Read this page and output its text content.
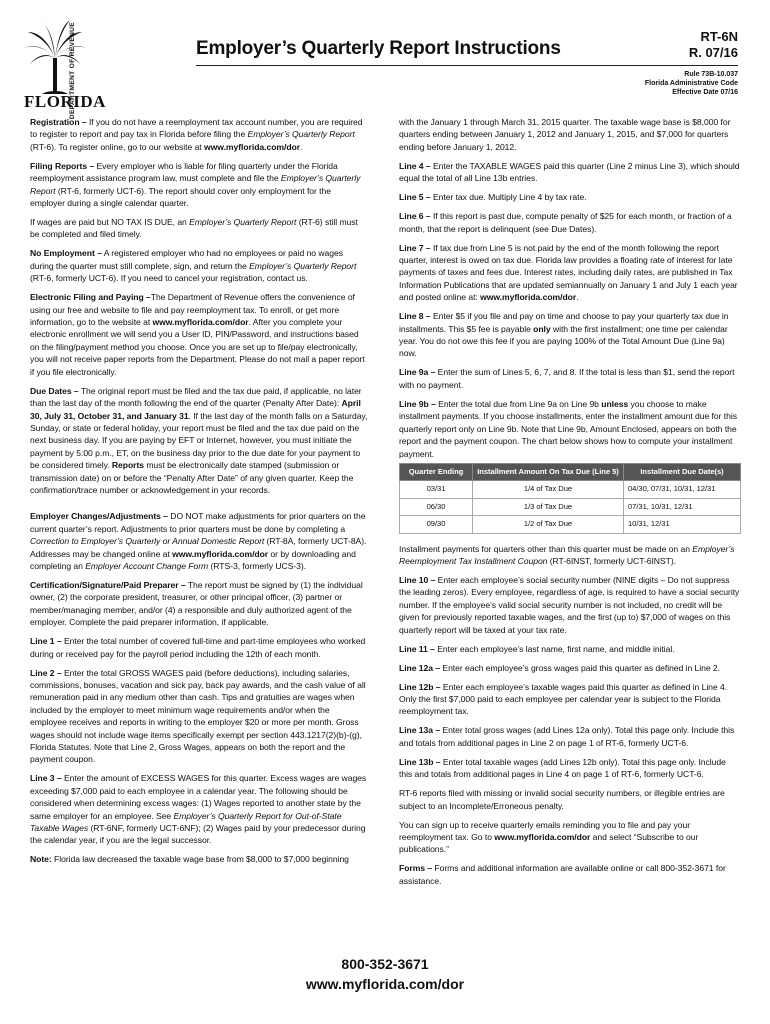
DEPARTMENT OF REVENUE
FLORIDA
Employer’s Quarterly Report Instructions
RT-6N
R. 07/16
Rule 73B-10.037
Florida Administrative Code
Effective Date 07/16

Registration – If you do not have a reemployment tax account number, you are required to register to report and pay tax in Florida before filing the Employer’s Quarterly Report (RT-6). To register online, go to our website at www.myflorida.com/dor.

Filing Reports – Every employer who is liable for filing quarterly under the Florida reemployment assistance program law, must complete and file the Employer’s Quarterly Report (RT-6, formerly UCT-6). The report should cover only employment for the employer during a single calendar quarter.

If wages are paid but NO TAX IS DUE, an Employer’s Quarterly Report (RT-6) still must be completed and filed timely.

No Employment – A registered employer who had no employees or paid no wages during the quarter must still complete, sign, and return the Employer’s Quarterly Report (RT-6, formerly UCT-6). If you need to cancel your registration, contact us.

Electronic Filing and Paying –The Department of Revenue offers the convenience of using our free and website to file and pay reemployment tax. To enroll, or get more information, go to the website at www.myflorida.com/dor. After you complete your electronic enrollment we will send you a User ID, PIN/Password, and instructions based on the filing/payment method you choose. Once you are set up to file/pay electronically, you will not receive paper reports from the Department. Please do not mail a paper report if you file electronically.

Due Dates – The original report must be filed and the tax due paid, if applicable, no later than the last day of the month following the end of the quarter (Penalty After Date): April 30, July 31, October 31, and January 31. If the last day of the month falls on a Saturday, Sunday, or state or federal holiday, your report must be filed and the tax due paid on the next business day. If you are paying by EFT or Internet, however, you must initiate the payment by 5:00 p.m., ET, on the business day prior to the due date for your payment to be considered timely. Reports must be electronically date stamped (submission or transmission date) on or before the “Penalty After Date” of any given quarter. Keep the confirmation/trace number or acknowledgement in your records.

Employer Changes/Adjustments – DO NOT make adjustments for prior quarters on the current quarter’s report. Adjustments to prior quarters must be done by completing a Correction to Employer’s Quarterly or Annual Domestic Report (RT-8A, formerly UCT-8A). Addresses may be changed online at www.myflorida.com/dor or by downloading and completing an Employer Account Change Form (RTS-3, formerly UCS-3).

Certification/Signature/Paid Preparer – The report must be signed by (1) the individual owner, (2) the corporate president, treasurer, or other principal officer, (3) partner or member/managing member, and/or (4) a responsible and duly authorized agent of the employer. Complete the paid preparer information, if applicable.

Line 1 – Enter the total number of covered full-time and part-time employees who worked during or received pay for the payroll period including the 12th of each month.

Line 2 – Enter the total GROSS WAGES paid (before deductions), including salaries, commissions, bonuses, vacation and sick pay, back pay awards, and the cash value of all remuneration paid in any medium other than cash. Tips and gratuities are wages when included by the employer to meet minimum wage requirements and/or when the employee receives and reports in writing to the employer $20 or more per month. Gross wages should not include wage items specifically exempt per section 443.1217(2)(b)-(g), Florida Statutes. Note that Line 2, Gross Wages, appears on both the report and the payment coupon.

Line 3 – Enter the amount of EXCESS WAGES for this quarter. Excess wages are wages exceeding $7,000 paid to each employee in a calendar year. The following should be considered when determining excess wages: (1) Wages reported to another state by the same employer for an employee. See Employer’s Quarterly Report for Out-of-State Taxable Wages (RT-6NF, formerly UCT-6NF); (2) Wages paid by your predecessor during the calendar year, if you are the legal successor.

Note: Florida law decreased the taxable wage base from $8,000 to $7,000 beginning

with the January 1 through March 31, 2015 quarter. The taxable wage base is $8,000 for quarters ending between January 1, 2012 and January 1, 2015, and $7,000 for quarters ending before January 1, 2012.

Line 4 – Enter the TAXABLE WAGES paid this quarter (Line 2 minus Line 3), which should equal the total of all Line 13b entries.

Line 5 – Enter tax due. Multiply Line 4 by tax rate.

Line 6 – If this report is past due, compute penalty of $25 for each month, or fraction of a month, that the report is delinquent (see Due Dates).

Line 7 – If tax due from Line 5 is not paid by the end of the month following the report quarter, interest is owed on tax due. Florida law provides a floating rate of interest for late payments of taxes and fees due. Interest rates, including daily rates, are published in Tax Information Publications that are updated semiannually on January 1 and July 1 each year and posted online at: www.myflorida.com/dor.

Line 8 – Enter $5 if you file and pay on time and choose to pay your quarterly tax due in installments. This $5 fee is payable only with the first installment; one time per calendar year. You do not owe this fee if you are paying 100% of the Total Amount Due (Line 9a) now.

Line 9a – Enter the sum of Lines 5, 6, 7, and 8. If the total is less than $1, send the report with no payment.

Line 9b – Enter the total due from Line 9a on Line 9b unless you choose to make installment payments. If you choose installments, enter the installment amount due for this quarterly report only on Line 9b. Note that Line 9b, Amount Enclosed, appears on both the report and the payment coupon. The chart below shows how to compute your installment payment.

Quarter Ending	Installment Amount On Tax Due (Line 5)	Installment Due Date(s)
03/31	1/4 of Tax Due	04/30, 07/31, 10/31, 12/31
06/30	1/3 of Tax Due	07/31, 10/31, 12/31
09/30	1/2 of Tax Due	10/31, 12/31

Installment payments for quarters other than this quarter must be made on an Employer’s Reemployment Tax Installment Coupon (RT-6INST, formerly UCT-6INST).

Line 10 – Enter each employee’s social security number (NINE digits – Do not suppress the leading zeros). Every employee, regardless of age, is required to have a social security number. If the employee’s valid social security number is not included, no credit will be given for previously reported taxable wages, and the first (up to) $7,000 of wages on this quarterly report will be taxed at your tax rate.

Line 11 – Enter each employee’s last name, first name, and middle initial.

Line 12a – Enter each employee’s gross wages paid this quarter as defined in Line 2.

Line 12b – Enter each employee’s taxable wages paid this quarter as defined in Line 4. Only the first $7,000 paid to each employee per calendar year is subject to the Florida reemployment tax.

Line 13a – Enter total gross wages (add Lines 12a only). Total this page only. Include this and totals from additional pages in Line 2 on page 1 of RT-6, formerly UCT-6.

Line 13b – Enter total taxable wages (add Lines 12b only). Total this page only. Include this and totals from additional pages in Line 4 on page 1 of RT-6, formerly UCT-6.

RT-6 reports filed with missing or invalid social security numbers, or illegible entries are subject to an Incomplete/Erroneous penalty.

You can sign up to receive quarterly emails reminding you to file and pay your reemployment tax. Go to www.myflorida.com/dor and select “Subscribe to our publications.”

Forms – Forms and additional information are available online or call 800-352-3671 for assistance.

800-352-3671
www.myflorida.com/dor
